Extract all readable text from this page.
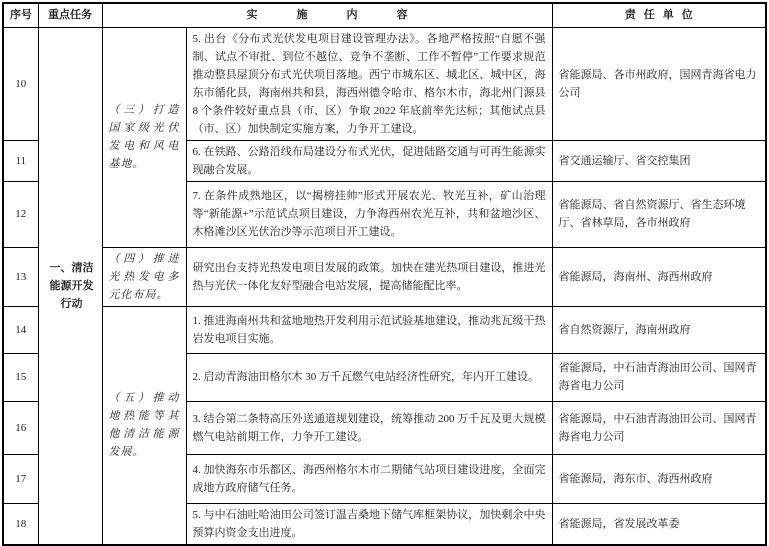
序号	重点任务	实施内容		责任单位
10	一、清洁能源开发行动	（三）打造国家级光伏发电和风电基地。	5. 出台《分布式光伏发电项目建设管理办法》。各地严格按照“自愿不强制、试点不审批、到位不越位、竞争不垄断、工作不暂停”工作要求规范推动整县屋顶分布式光伏项目落地。西宁市城东区、城北区、城中区，海东市循化县，海南州共和县，海西州德令哈市、格尔木市，海北州门源县 8 个条件较好重点县（市、区）争取 2022 年底前率先达标；其他试点县（市、区）加快制定实施方案，力争开工建设。	省能源局、各市州政府，国网青海省电力公司
11			6. 在铁路、公路沿线布局建设分布式光伏，促进陆路交通与可再生能源实现融合发展。	省交通运输厅、省交控集团
12			7. 在条件成熟地区，以“揭榜挂帅”形式开展农光、牧光互补，矿山治理等“新能源+”示范试点项目建设，力争海西州农光互补，共和盆地沙区、木格滩沙区光伏治沙等示范项目开工建设。	省能源局、省自然资源厅、省生态环境厅、省林草局，各市州政府
13		（四）推进光热发电多元化布局。	研究出台支持光热发电项目发展的政策。加快在建光热项目建设，推进光热与光伏一体化友好型融合电站发展，提高储能配比率。	省能源局，海南州、海西州政府
14		（五）推动地热能等其他清洁能源发展。	1. 推进海南州共和盆地地热开发利用示范试验基地建设，推动兆瓦级干热岩发电项目实施。	省自然资源厅，海南州政府
15			2. 启动青海油田格尔木 30 万千瓦燃气电站经济性研究，年内开工建设。	省能源局，中石油青海油田公司、国网青海省电力公司
16			3. 结合第二条特高压外送通道规划建设，统筹推动 200 万千瓦及更大规模燃气电站前期工作，力争开工建设。	省能源局，中石油青海油田公司、国网青海省电力公司
17			4. 加快海东市乐都区、海西州格尔木市二期储气站项目建设进度，全面完成地方政府储气任务。	省能源局，海东市、海西州政府
18			5. 与中石油吐哈油田公司签订温吉桑地下储气库框架协议，加快剩余中央预算内资金支出进度。	省能源局，省发展改革委
